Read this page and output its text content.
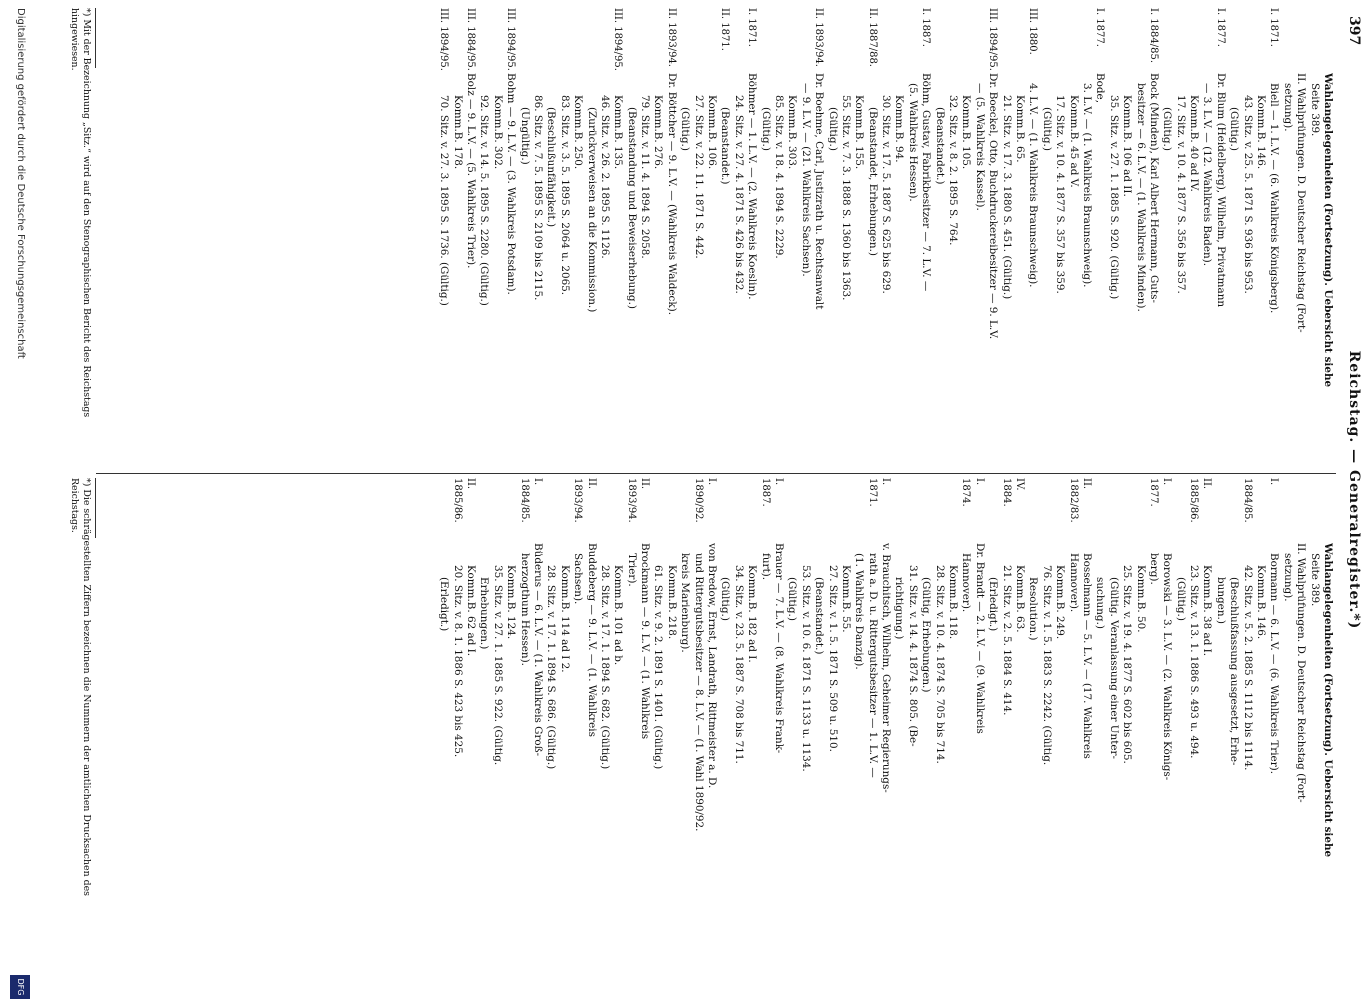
397
Reichstag. — Generalregister.*)
Wahlangelegenheiten (Fortsetzung). Uebersicht siehe
Seite 389.
II. Wahlprüfungen. D. Deutscher Reichstag (Fort-
setzung).
I. 1871.
Biell — 1. L.V. — (6. Wahlkreis Königsberg).
Komm.B. 146.
43. Sitz. v. 25. 5. 1871 S. 936 bis 953.
(Gültig.)
I. 1877.
Dr. Blum (Heidelberg), Wilhelm, Privatmann
— 3. L.V. — (12. Wahlkreis Baden).
Komm.B. 40 ad IV.
17. Sitz. v. 10. 4. 1877 S. 356 bis 357.
(Gültig.)
I. 1884/85.
Bock (Minden), Karl Albert Hermann, Guts-
besitzer — 6. L.V. — (1. Wahlkreis Minden).
Komm.B. 106 ad II.
35. Sitz. v. 27. 1. 1885 S. 920. (Gültig.)
I. 1877.
Bode,
3. L.V. — (1. Wahlkreis Braunschweig).
Komm.B. 45 ad V.
17. Sitz. v. 10. 4. 1877 S. 357 bis 359.
(Gültig.)
III. 1880.
4. L.V. — (1. Wahlkreis Braunschweig).
Komm.B. 65.
21. Sitz. v. 17. 3. 1880 S. 451. (Gültig.)
III. 1894/95.
Dr. Boeckel, Otto, Buchdruckereibesitzer — 9. L.V.
— (5. Wahlkreis Kassel).
Komm.B. 105.
32. Sitz. v. 8. 2. 1895 S. 764.
(Beanstandet.)
I. 1887.
Böhm, Gustav, Fabrikbesitzer — 7. L.V. —
(5. Wahlkreis Hessen).
Komm.B. 94.
30. Sitz. v. 17. 5. 1887 S. 625 bis 629.
II. 1887/88.
(Beanstandet, Erhebungen.)
Komm.B. 155.
55. Sitz. v. 7. 3. 1888 S. 1360 bis 1363.
(Gültig.)
II. 1893/94.
Dr. Boehme, Carl, Justizrath u. Rechtsanwalt
— 9. L.V. — (21. Wahlkreis Sachsen).
Komm.B. 303.
85. Sitz. v. 18. 4. 1894 S. 2229.
(Gültig.)
I. 1871.
Böhmer — 1. L.V. — (2. Wahlkreis Koeslin).
24. Sitz. v. 27. 4. 1871 S. 426 bis 432.
II. 1871.
(Beanstandet.)
Komm.B. 106.
27. Sitz. v. 22. 11. 1871 S. 442.
(Gültig.)
II. 1893/94.
Dr. Böttcher — 9. L.V. — (Wahlkreis Waldeck).
Komm.B. 276.
79. Sitz. v. 11. 4. 1894 S. 2058.
(Beanstandung und Beweiserhebung.)
III. 1894/95.
Komm.B. 135.
46. Sitz. v. 26. 2. 1895 S. 1126.
(Zurückverweisen an die Kommission.)
Komm.B. 250.
83. Sitz. v. 3. 5. 1895 S. 2064 u. 2065.
(Beschlußunfähigkeit.)
86. Sitz. v. 7. 5. 1895 S. 2109 bis 2115.
(Ungültig.)
III. 1894/95.
Bohm — 9. L.V. — (3. Wahlkreis Potsdam).
Komm.B. 302.
92. Sitz. v. 14. 5. 1895 S. 2280. (Gültig.)
III. 1884/95.
Bolz — 9. L.V. — (5. Wahlkreis Trier).
Komm.B. 178.
III. 1894/95.
70. Sitz. v. 27. 3. 1895 S. 1736. (Gültig.)
Wahlangelegenheiten (Fortsetzung). Uebersicht siehe
Seite 389.
II. Wahlprüfungen. D. Deutscher Reichstag (Fort-
setzung).
I.
Bormann — 6. L.V. — (6. Wahlkreis Trier).
Komm.B. 146.
1884/85.
42. Sitz. v. 5. 2. 1885 S. 1112 bis 1114.
(Beschlußfassung ausgesetzt, Erhe-
bungen.)
II.
Komm.B. 38 ad I.
1885/86.
23. Sitz. v. 13. 1. 1886 S. 493 u. 494.
(Gültig.)
I.
Borowski — 3. L.V. — (2. Wahlkreis Königs-
1877.
berg).
Komm.B. 50.
25. Sitz. v. 19. 4. 1877 S. 602 bis 605.
(Gültig. Veranlassung einer Unter-
suchung.)
II.
Bosselmann — 5. L.V. — (17. Wahlkreis
1882/83.
Hannover).
Komm.B. 249.
76. Sitz. v. 1. 5. 1883 S. 2242. (Gültig.
Resolution.)
IV.
Komm.B. 63.
1884.
21. Sitz. v. 2. 5. 1884 S. 414.
(Erledigt.)
I.
Dr. Brandt — 2. L.V. — (9. Wahlkreis
1874.
Hannover).
Komm.B. 118.
28. Sitz. v. 10. 4. 1874 S. 705 bis 714.
(Gültig, Erhebungen.)
31. Sitz. v. 14. 4. 1874 S. 805. (Be-
richtigung.)
I.
v. Brauchitsch, Wilhelm, Geheimer Regierungs-
1871.
rath a. D. u. Rittergutsbesitzer — 1. L.V. —
(1. Wahlkreis Danzig).
Komm.B. 55.
27. Sitz. v. 1. 5. 1871 S. 509 u. 510.
(Beanstandet.)
53. Sitz. v. 10. 6. 1871 S. 1133 u. 1134.
(Gültig.)
I.
Brauer — 7. L.V. — (8. Wahlkreis Frank-
1887.
furt).
Komm.B. 182 ad I.
34. Sitz. v. 23. 5. 1887 S. 708 bis 711.
(Gültig.)
I.
von Bredow, Ernst, Landrath, Rittmeister a. D.
1890/92.
und Rittergutsbesitzer — 8. L.V. — (1. Wahl 1890/92.
kreis Marienburg).
Komm.B. 218.
61. Sitz. v. 9. 2. 1891 S. 1401. (Gültig.)
II.
Brockmann — 9. L.V. — (1. Wahlkreis
1893/94.
Trier).
Komm.B. 101 ad b.
28. Sitz. v. 17. 1. 1894 S. 682. (Gültig.)
II.
Buddeberg — 9. L.V. — (1. Wahlkreis
1893/94.
Sachsen).
Komm.B. 114 ad I 2.
28. Sitz. v. 17. 1. 1894 S. 686. (Gültig.)
I.
Büderus — 6. L.V. — (1. Wahlkreis Groß-
1884/85.
herzogthum Hessen).
Komm.B. 124.
35. Sitz. v. 27. 1. 1885 S. 922. (Gültig.
Erhebungen.)
II.
Komm.B. 62 ad I.
1885/86.
20. Sitz. v. 8. 1. 1886 S. 423 bis 425.
(Erledigt.)
*) Mit der Bezeichnung „Sitz.“ wird auf den Stenographischen Bericht des Reichstags hingewiesen.
*) Die schrägestellten Ziffern bezeichnen die Nummern der amtlichen Drucksachen des Reichstags.
Digitalisierung gefördert durch die Deutsche Forschungsgemeinschaft
DFG
